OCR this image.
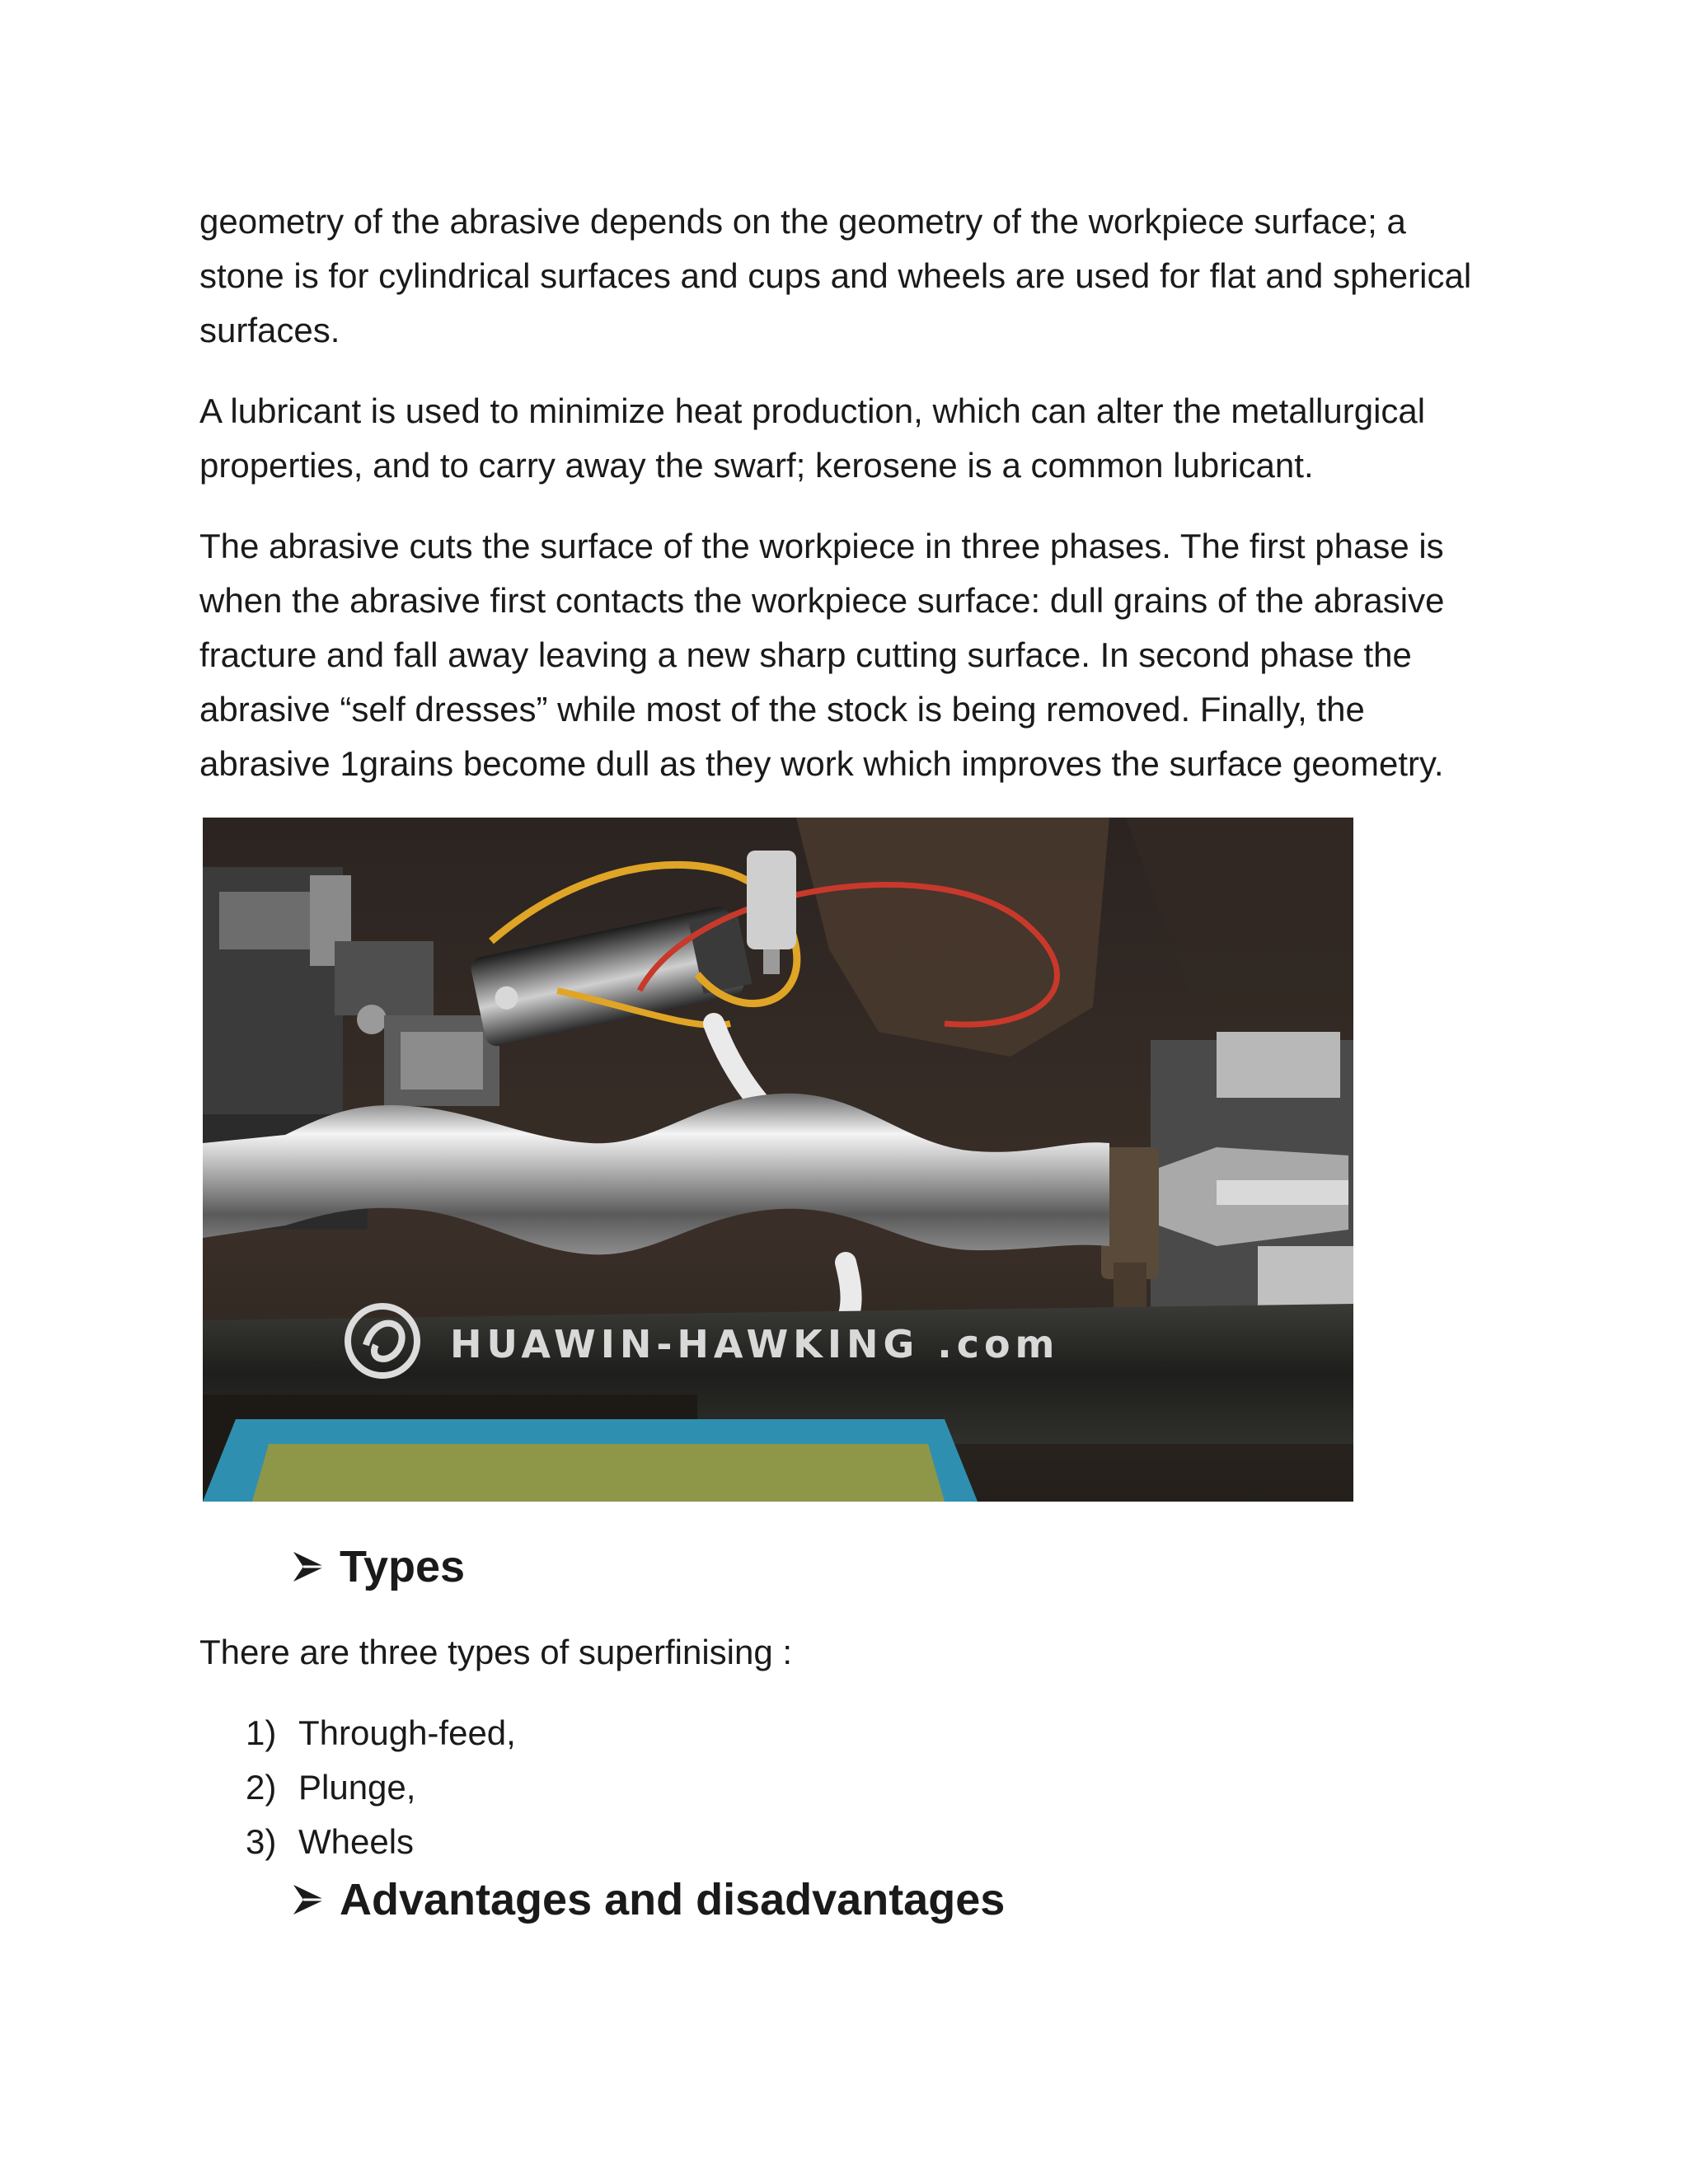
geometry of the abrasive depends on the geometry of the workpiece surface; a stone is for cylindrical surfaces and cups and wheels are used for flat and spherical surfaces.

A lubricant is used to minimize heat production, which can alter the metallurgical properties, and to carry away the swarf; kerosene is a common lubricant.

The abrasive cuts the surface of the workpiece in three phases. The first phase is when the abrasive first contacts the workpiece surface: dull grains of the abrasive fracture and fall away leaving a new sharp cutting surface. In second phase the abrasive “self dresses” while most of the stock is being removed. Finally, the abrasive 1grains become dull as they work which improves the surface geometry.

HUAWIN-HAWKING .com
Types

There are three types of superfinising :

1) Through-feed,
2) Plunge,
3) Wheels
Advantages and disadvantages
